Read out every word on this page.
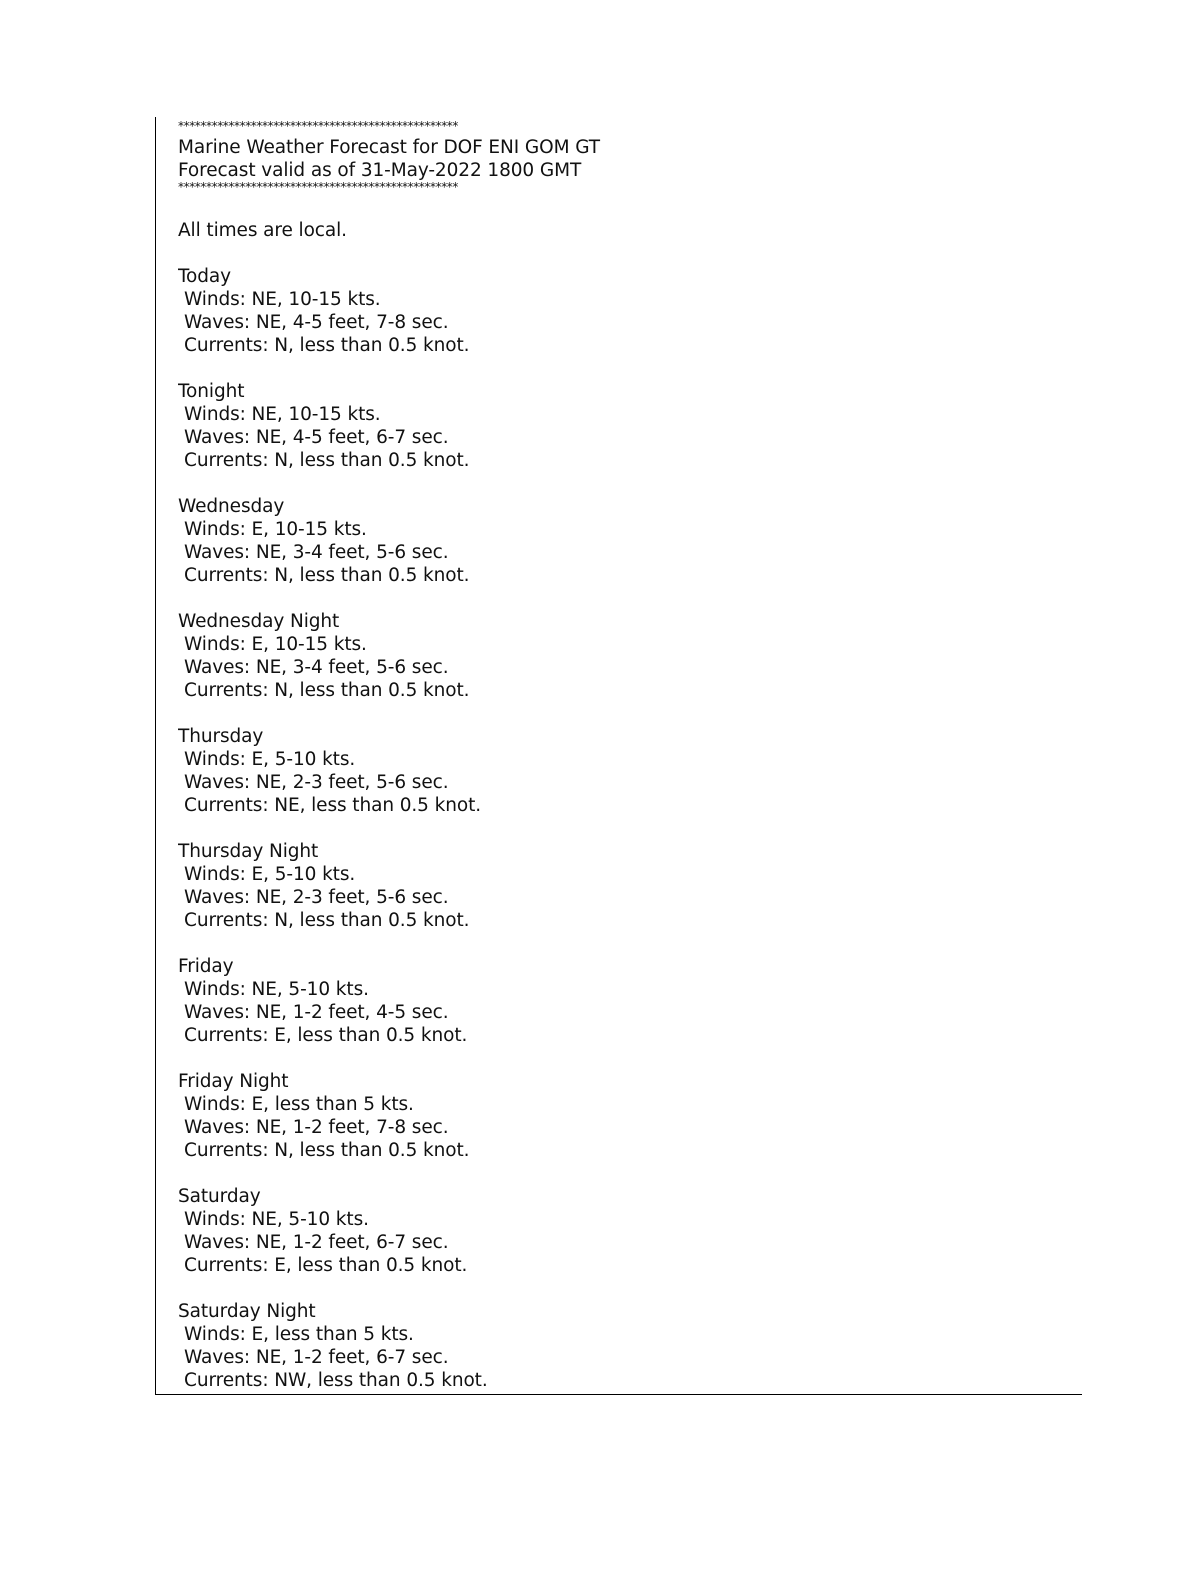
**************************************************
Marine Weather Forecast for DOF ENI GOM GT
Forecast valid as of 31-May-2022 1800 GMT
**************************************************
All times are local.
Today
Winds: NE, 10-15 kts.
Waves: NE, 4-5 feet, 7-8 sec.
Currents: N, less than 0.5 knot.
Tonight
Winds: NE, 10-15 kts.
Waves: NE, 4-5 feet, 6-7 sec.
Currents: N, less than 0.5 knot.
Wednesday
Winds: E, 10-15 kts.
Waves: NE, 3-4 feet, 5-6 sec.
Currents: N, less than 0.5 knot.
Wednesday Night
Winds: E, 10-15 kts.
Waves: NE, 3-4 feet, 5-6 sec.
Currents: N, less than 0.5 knot.
Thursday
Winds: E, 5-10 kts.
Waves: NE, 2-3 feet, 5-6 sec.
Currents: NE, less than 0.5 knot.
Thursday Night
Winds: E, 5-10 kts.
Waves: NE, 2-3 feet, 5-6 sec.
Currents: N, less than 0.5 knot.
Friday
Winds: NE, 5-10 kts.
Waves: NE, 1-2 feet, 4-5 sec.
Currents: E, less than 0.5 knot.
Friday Night
Winds: E, less than 5 kts.
Waves: NE, 1-2 feet, 7-8 sec.
Currents: N, less than 0.5 knot.
Saturday
Winds: NE, 5-10 kts.
Waves: NE, 1-2 feet, 6-7 sec.
Currents: E, less than 0.5 knot.
Saturday Night
Winds: E, less than 5 kts.
Waves: NE, 1-2 feet, 6-7 sec.
Currents: NW, less than 0.5 knot.
